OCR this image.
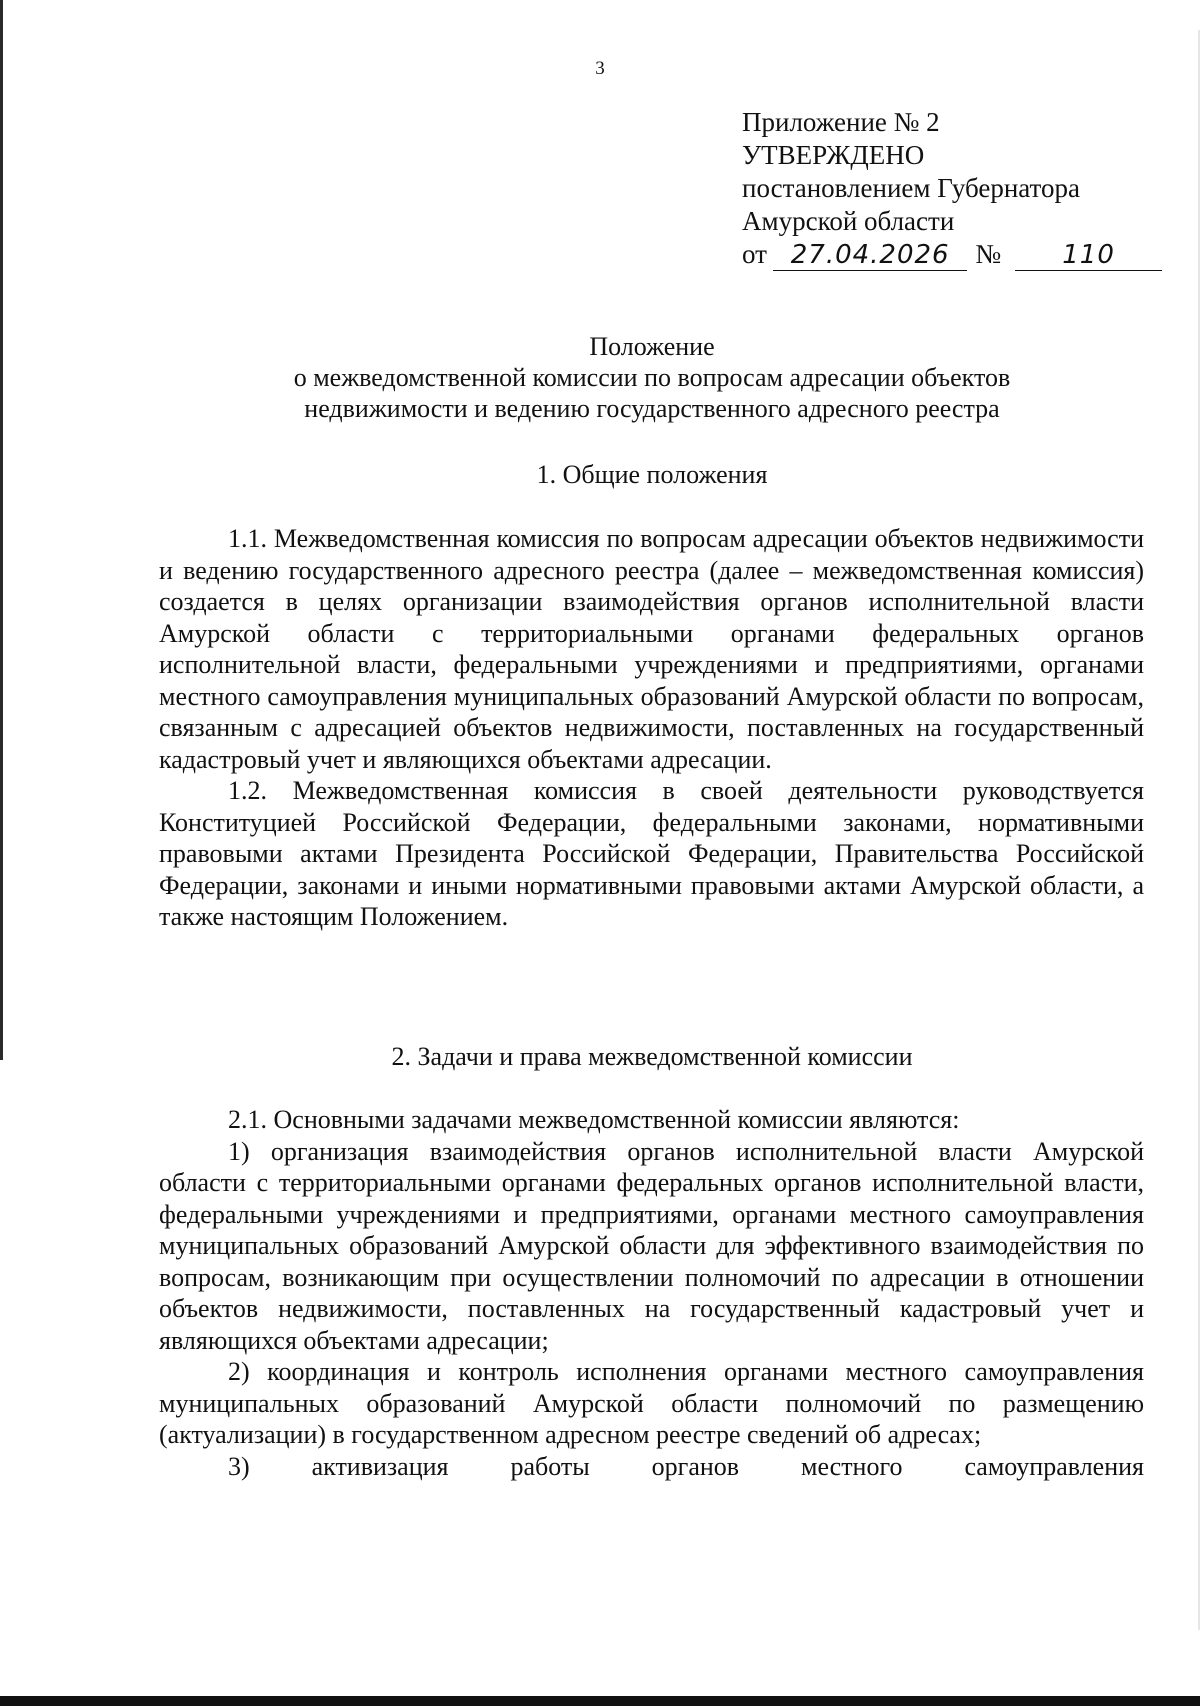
3
Приложение № 2
УТВЕРЖДЕНО
постановлением Губернатора
Амурской области
от 27.04.2026 №	110
Положение
о межведомственной комиссии по вопросам адресации объектов
недвижимости и ведению государственного адресного реестра
1. Общие положения

1.1. Межведомственная комиссия по вопросам адресации объектов недвижимости и ведению государственного адресного реестра (далее – межведомственная комиссия) создается в целях организации взаимодействия органов исполнительной власти Амурской области с территориальными органами федеральных органов исполнительной власти, федеральными учреждениями и предприятиями, органами местного самоуправления муниципальных образований Амурской области по вопросам, связанным с адресацией объектов недвижимости, поставленных на государственный кадастровый учет и являющихся объектами адресации.

1.2. Межведомственная комиссия в своей деятельности руководствуется Конституцией Российской Федерации, федеральными законами, нормативными правовыми актами Президента Российской Федерации, Правительства Российской Федерации, законами и иными нормативными правовыми актами Амурской области, а также настоящим Положением.

2. Задачи и права межведомственной комиссии

2.1. Основными задачами межведомственной комиссии являются:

1) организация взаимодействия органов исполнительной власти Амурской области с территориальными органами федеральных органов исполнительной власти, федеральными учреждениями и предприятиями, органами местного самоуправления муниципальных образований Амурской области для эффективного взаимодействия по вопросам, возникающим при осуществлении полномочий по адресации в отношении объектов недвижимости, поставленных на государственный кадастровый учет и являющихся объектами адресации;

2) координация и контроль исполнения органами местного самоуправления муниципальных образований Амурской области полномочий по размещению (актуализации) в государственном адресном реестре сведений об адресах;

3) активизация работы органов местного самоуправления
